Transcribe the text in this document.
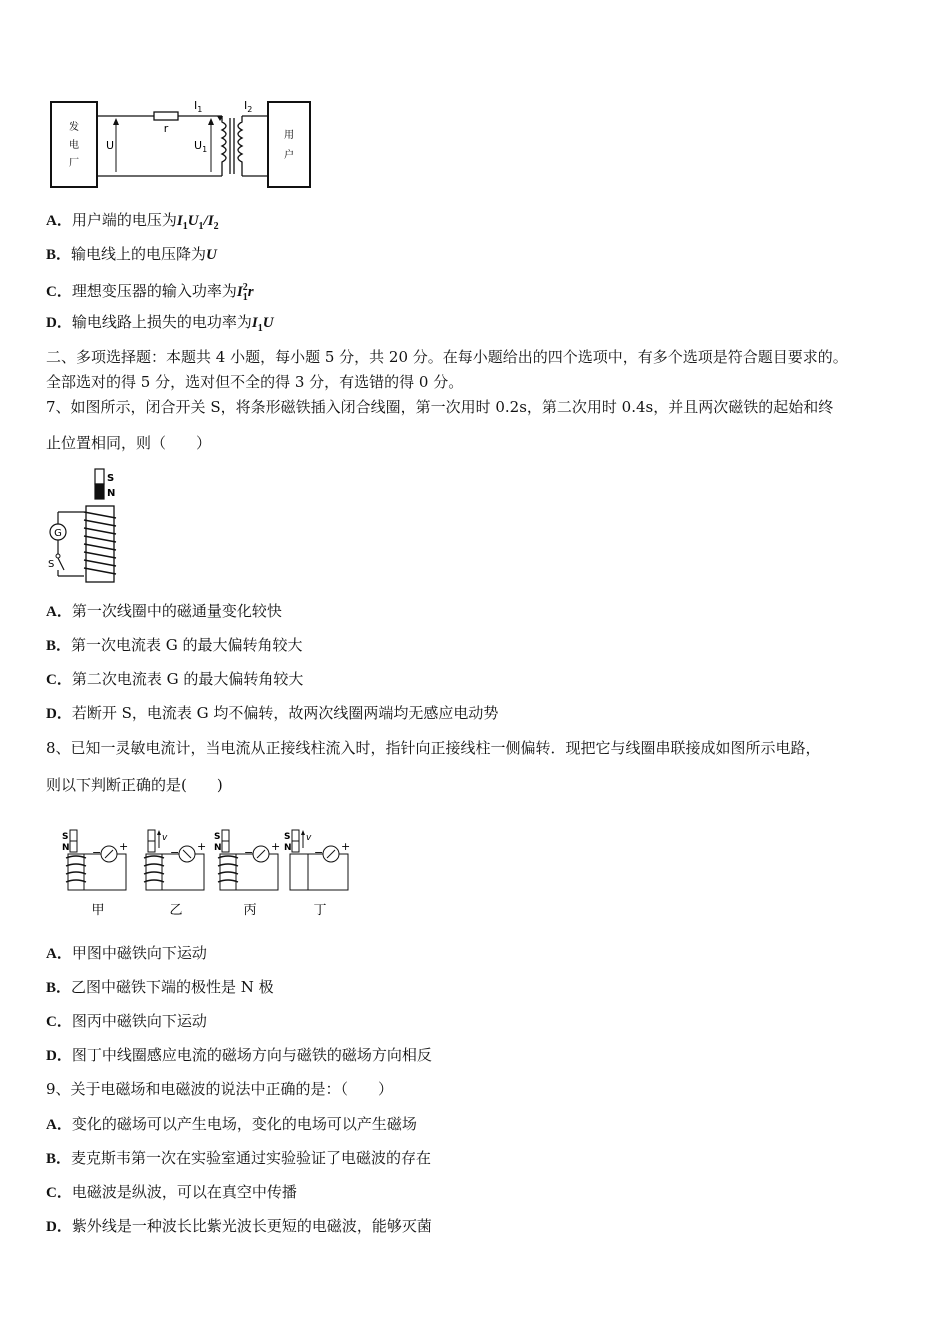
发
电
厂
r
U	$U_1$
$I_1$	$I_2$
用
户
A．用户端的电压为$I_1U_1/I_2$
B．输电线上的电压降为U
C．理想变压器的输入功率为$I_1^2r$
D．输电线路上损失的电功率为$I_1U$
二、多项选择题：本题共 4 小题，每小题 5 分，共 20 分。在每小题给出的四个选项中，有多个选项是符合题目要求的。
全部选对的得 5 分，选对但不全的得 3 分，有选错的得 0 分。
7、如图所示，闭合开关 S，将条形磁铁插入闭合线圈，第一次用时 0.2s，第二次用时 0.4s，并且两次磁铁的起始和终
止位置相同，则（　　）
S
N
G
S
A．第一次线圈中的磁通量变化较快
B．第一次电流表 G 的最大偏转角较大
C．第二次电流表 G 的最大偏转角较大
D．若断开 S，电流表 G 均不偏转，故两次线圈两端均无感应电动势
8、已知一灵敏电流计，当电流从正接线柱流入时，指针向正接线柱一侧偏转．现把它与线圈串联接成如图所示电路，
则以下判断正确的是(　　)
S
N − +
甲
v
− +
乙
S
N − +
丙
S
N
v
− +
丁
A．甲图中磁铁向下运动
B．乙图中磁铁下端的极性是 N 极
C．图丙中磁铁向下运动
D．图丁中线圈感应电流的磁场方向与磁铁的磁场方向相反
9、关于电磁场和电磁波的说法中正确的是：（　　）
A．变化的磁场可以产生电场，变化的电场可以产生磁场
B．麦克斯韦第一次在实验室通过实验验证了电磁波的存在
C．电磁波是纵波，可以在真空中传播
D．紫外线是一种波长比紫光波长更短的电磁波，能够灭菌
